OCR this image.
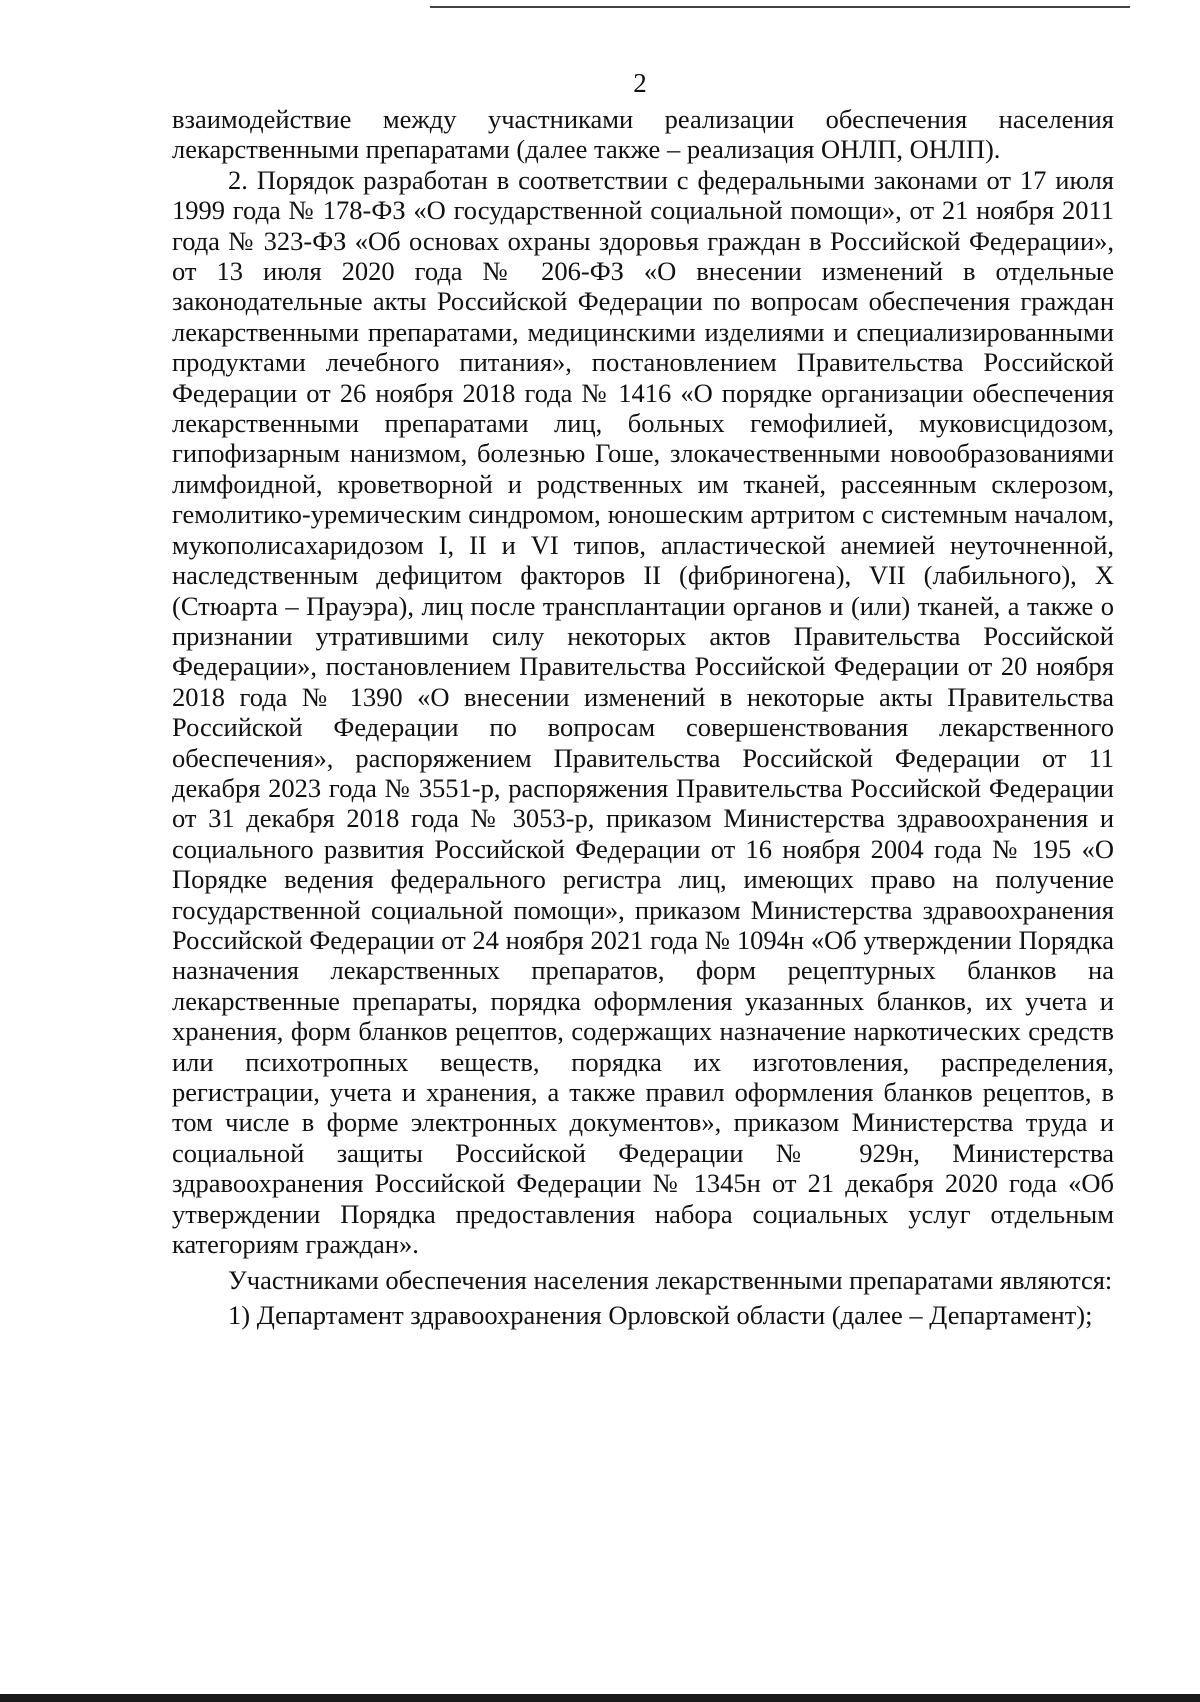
2

взаимодействие между участниками реализации обеспечения населения лекарственными препаратами (далее также – реализация ОНЛП, ОНЛП).

2. Порядок разработан в соответствии с федеральными законами от 17 июля 1999 года № 178-ФЗ «О государственной социальной помощи», от 21 ноября 2011 года № 323-ФЗ «Об основах охраны здоровья граждан в Российской Федерации», от 13 июля 2020 года № 206-ФЗ «О внесении изменений в отдельные законодательные акты Российской Федерации по вопросам обеспечения граждан лекарственными препаратами, медицинскими изделиями и специализированными продуктами лечебного питания», постановлением Правительства Российской Федерации от 26 ноября 2018 года № 1416 «О порядке организации обеспечения лекарственными препаратами лиц, больных гемофилией, муковисцидозом, гипофизарным нанизмом, болезнью Гоше, злокачественными новообразованиями лимфоидной, кроветворной и родственных им тканей, рассеянным склерозом, гемолитико-уремическим синдромом, юношеским артритом с системным началом, мукополисахаридозом I, II и VI типов, апластической анемией неуточненной, наследственным дефицитом факторов II (фибриногена), VII (лабильного), X (Стюарта – Прауэра), лиц после трансплантации органов и (или) тканей, а также о признании утратившими силу некоторых актов Правительства Российской Федерации», постановлением Правительства Российской Федерации от 20 ноября 2018 года № 1390 «О внесении изменений в некоторые акты Правительства Российской Федерации по вопросам совершенствования лекарственного обеспечения», распоряжением Правительства Российской Федерации от 11 декабря 2023 года № 3551-р, распоряжения Правительства Российской Федерации от 31 декабря 2018 года № 3053-р, приказом Министерства здравоохранения и социального развития Российской Федерации от 16 ноября 2004 года № 195 «О Порядке ведения федерального регистра лиц, имеющих право на получение государственной социальной помощи», приказом Министерства здравоохранения Российской Федерации от 24 ноября 2021 года № 1094н «Об утверждении Порядка назначения лекарственных препаратов, форм рецептурных бланков на лекарственные препараты, порядка оформления указанных бланков, их учета и хранения, форм бланков рецептов, содержащих назначение наркотических средств или психотропных веществ, порядка их изготовления, распределения, регистрации, учета и хранения, а также правил оформления бланков рецептов, в том числе в форме электронных документов», приказом Министерства труда и социальной защиты Российской Федерации № 929н, Министерства здравоохранения Российской Федерации № 1345н от 21 декабря 2020 года «Об утверждении Порядка предоставления набора социальных услуг отдельным категориям граждан».

Участниками обеспечения населения лекарственными препаратами являются:

1) Департамент здравоохранения Орловской области (далее – Департамент);
